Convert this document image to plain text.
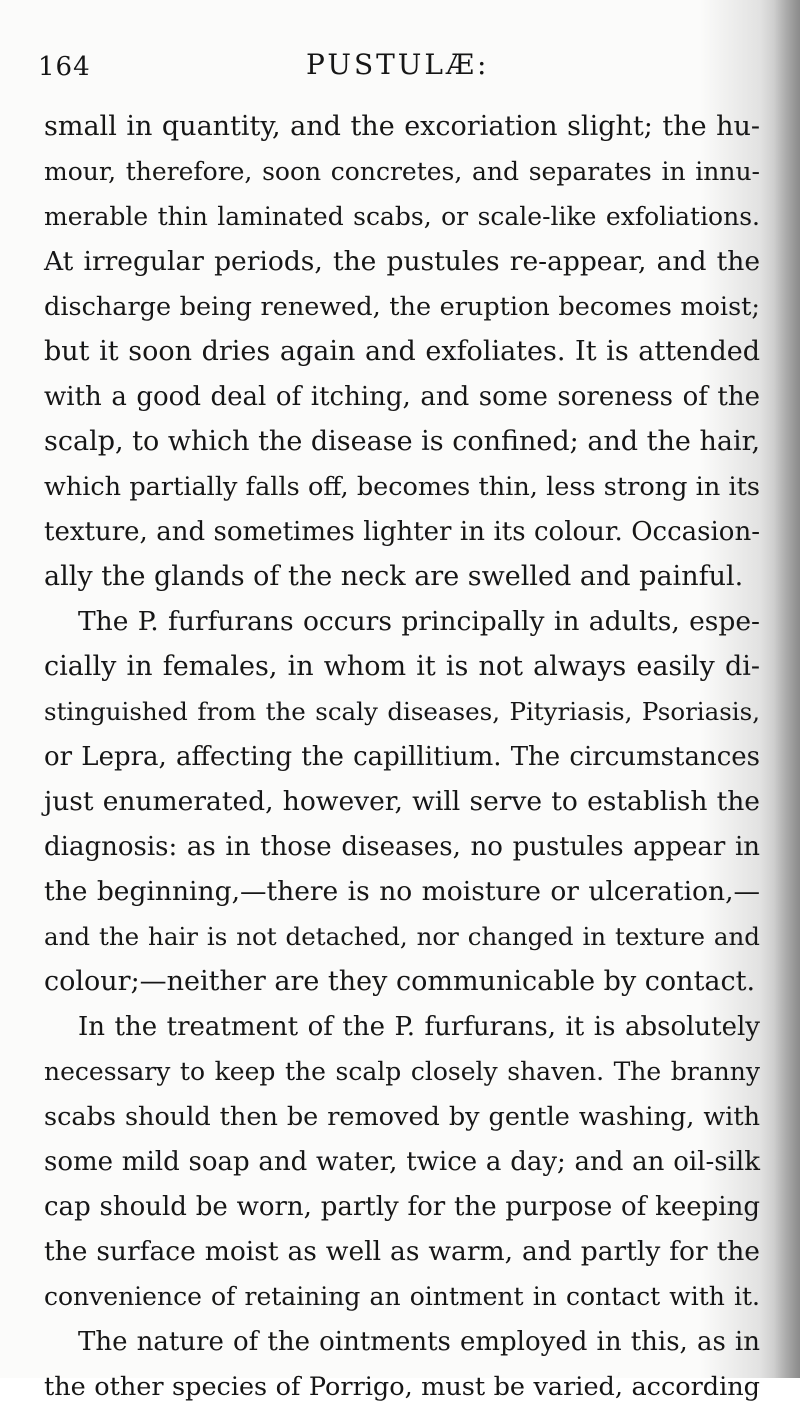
164	PUSTULÆ:
small in quantity, and the excoriation slight; the hu-
mour, therefore, soon concretes, and separates in innu-
merable thin laminated scabs, or scale-like exfoliations.
At irregular periods, the pustules re-appear, and the
discharge being renewed, the eruption becomes moist;
but it soon dries again and exfoliates. It is attended
with a good deal of itching, and some soreness of the
scalp, to which the disease is confined; and the hair,
which partially falls off, becomes thin, less strong in its
texture, and sometimes lighter in its colour. Occasion-
ally the glands of the neck are swelled and painful.
The P. furfurans occurs principally in adults, espe-
cially in females, in whom it is not always easily di-
stinguished from the scaly diseases, Pityriasis, Psoriasis,
or Lepra, affecting the capillitium. The circumstances
just enumerated, however, will serve to establish the
diagnosis: as in those diseases, no pustules appear in
the beginning,—there is no moisture or ulceration,—
and the hair is not detached, nor changed in texture and
colour;—neither are they communicable by contact.
In the treatment of the P. furfurans, it is absolutely
necessary to keep the scalp closely shaven. The branny
scabs should then be removed by gentle washing, with
some mild soap and water, twice a day; and an oil-silk
cap should be worn, partly for the purpose of keeping
the surface moist as well as warm, and partly for the
convenience of retaining an ointment in contact with it.
The nature of the ointments employed in this, as in
the other species of Porrigo, must be varied, according
